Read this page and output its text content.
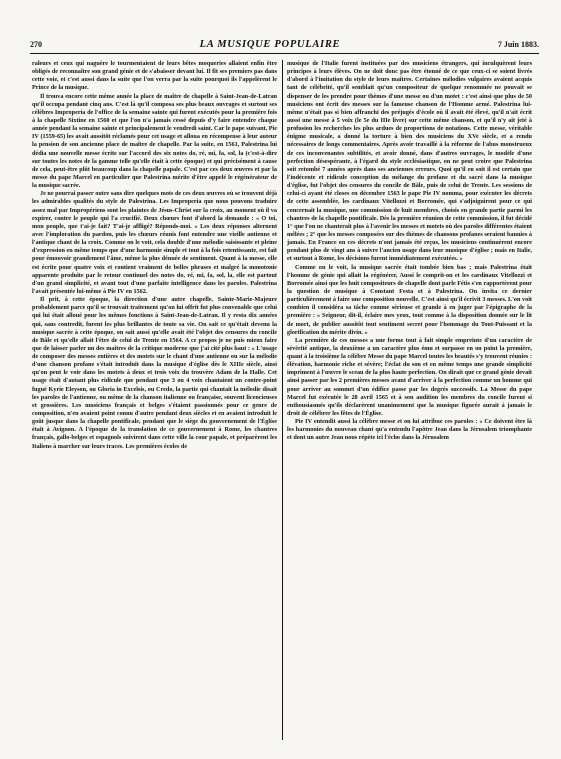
270	LA MUSIQUE POPULAIRE	7 Juin 1883.

raleurs et ceux qui naguère le tourmentaient de leurs bêtes moqueries allaient enfin être obligés de reconnaître son grand génie et de s'abaisser devant lui. Il fit ses premiers pas dans cette voie, et c'est aussi dans la suite que l'on verra par la suite pourquoi ils l'appelèrent le Prince de la musique.

Il trouva encore cette même année la place de maître de chapelle à Saint-Jean-de-Latran qu'il occupa pendant cinq ans. C'est là qu'il composa ses plus beaux ouvrages et surtout ses célèbres Improperia de l'office de la semaine sainte qui furent exécutés pour la première fois à la chapelle Sixtine en 1560 et que l'on n'a jamais cessé depuis d'y faire entendre chaque année pendant la semaine sainte et principalement le vendredi saint. Car le pape suivant, Pie IV (1559-65) les avait aussitôt réclamés pour cet usage et alloua en récompense à leur auteur la pension de son ancienne place de maître de chapelle. Par la suite, en 1561, Palestrina lui dédia une nouvelle messe écrite sur l'accord des six notes do, ré, mi, fa, sol, la (c'est-à-dire sur toutes les notes de la gamme telle qu'elle était à cette époque) et qui précisément à cause de cela, peut-être plût beaucoup dans la chapelle papale. C'est par ces deux œuvres et par la messe du pape Marcel en particulier que Palestrina mérite d'être appelé le régénérateur de la musique sacrée.

Je ne pourrai passer outre sans dire quelques mots de ces deux œuvres où se trouvent déjà les admirables qualités du style de Palestrina. Les Improperia que nous pouvons traduire assez mal par Impropériens sont les plaintes de Jésus-Christ sur la croix, au moment où il va expirer, contre le peuple qui l'a crucifié. Deux chœurs font d'abord la demande : « O toi, mon peuple, que t'ai-je fait? T'ai-je affligé? Réponds-moi. » Les deux réponses alternent avec l'imploration du pardon, puis les chœurs réunis font entendre une vieille antienne et l'antique chant de la croix. Comme on le voit, cela double d'une mélodie saisissante et pleine d'expression en même temps que d'une harmonie simple et tout à la fois retentissante, est fait pour émouvoir grandement l'âme, même la plus dénuée de sentiment. Quant à la messe, elle est écrite pour quatre voix et contient vraiment de belles phrases et malgré la monotonie apparente produite par le retour continuel des notes do, ré, mi, fa, sol, la, elle est partout d'un grand simplicité, et avant tout d'une parfaite intelligence dans les paroles. Palestrina l'avait présentée lui-même à Pie IV en 1562.

Il prit, à cette époque, la direction d'une autre chapelle, Sainte-Marie-Majeure probablement parce qu'il se trouvait traitement qu'on lui offrit fut plus convenable que celui qui lui était alloué pour les mêmes fonctions à Saint-Jean-de-Latran. Il y resta dix années qui, sans contredit, furent les plus brillantes de toute sa vie. On sait ce qu'était devenu la musique sacrée à cette époque, on sait aussi qu'elle avait été l'objet des censures du concile de Bâle et qu'elle allait l'être de celui de Trente en 1564. A ce propos je ne puis mieux faire que de laisser parler un des maîtres de la critique moderne que j'ai cité plus haut : « L'usage de composer des messes entières et des motets sur le chant d'une antienne ou sur la mélodie d'une chanson profane s'était introduit dans la musique d'église dès le XIIIe siècle, ainsi qu'on peut le voir dans les motets à deux et trois voix du trouvère Adam de la Halle. Cet usage était d'autant plus ridicule que pendant que 3 ou 4 voix chantaient un contre-point fugué Kyrie Eleyson, ou Gloria in Excelsis, ou Credo, la partie qui chantait la mélodie disait les paroles de l'antienne, ou même de la chanson italienne ou française, souvent licencieuses et grossières. Les musiciens français et belges s'étaient passionnés pour ce genre de composition, n'en avaient point connu d'autre pendant deux siècles et en avaient introduit le goût jusque dans la chapelle pontificale, pendant que le siège du gouvernement de l'Église était à Avignon. A l'époque de la translation de ce gouvernement à Rome, les chantres français, gallo-belges et espagnols suivirent dans cette ville la cour papale, et préparèrent les Italiens à marcher sur leurs traces. Les premières écoles de

musique de l'Italie furent instituées par des musiciens étrangers, qui inculquèrent leurs principes à leurs élèves. On ne doit donc pas être étonné de ce que ceux-ci se soient livrés d'abord à l'imitation du style de leurs maîtres. Certaines mélodies vulgaires avaient acquis tant de célébrité, qu'il semblait qu'un compositeur de quelque renommée ne pouvait se dispenser de les prendre pour thèmes d'une messe ou d'un motet : c'est ainsi que plus de 50 musiciens ont écrit des messes sur la fameuse chanson de l'Homme armé. Palestrina lui-même n'était pas si bien affranchi des préjugés d'école où il avait été élevé, qu'il n'ait écrit aussi une messe à 5 voix (le 5e du IIIe livre) sur cette même chanson, et qu'il n'y ait jeté à profusion les recherches les plus ardues de proportions de notations. Cette messe, véritable énigme musicale, a donné la torture à bien des musiciens du XVe siècle, et a rendu nécessaires de longs commentaires. Après avoir travaillé à la réforme de l'abus monstrueux de ces inconvenantes subtilités, et avoir donné, dans d'autres ouvrages, le modèle d'une perfection désespérante, à l'égard du style ecclésiastique, on ne peut croire que Palestrina soit retombé 7 années après dans ses anciennes erreurs. Quoi qu'il en soit il est certain que l'indécente et ridicule conception du mélange du profane et du sacré dans la musique d'église, fut l'objet des censures du concile de Bâle, puis de celui de Trente. Les sessions de celui-ci ayant été closes en décembre 1563 le pape Pie IV nomma, pour exécuter les décrets de cette assemblée, les cardinaux Vitellozzi et Borromée, qui s'adjoignirent pour ce qui concernait la musique, une commission de huit membres, choisis en grande partie parmi les chantres de la chapelle pontificale. Dès la première réunion de cette commission, il fut décidé 1° que l'on ne chanterait plus à l'avenir les messes et motets où des paroles différentes étaient mêlées ; 2° que les messes composées sur des thèmes de chansons profanes seraient bannies à jamais. En France on ces décrets n'ont jamais été reçus, les musiciens continuèrent encore pendant plus de vingt ans à suivre l'ancien usage dans leur musique d'église ; mais en Italie, et surtout à Rome, les décisions furent immédiatement exécutées. »

Comme on le voit, la musique sacrée était tombée bien bas ; mais Palestrina était l'homme de génie qui allait la régénérer, Aussi le comprit-on et les cardinaux Vitellozzi et Borromée ainsi que les huit compositeurs de chapelle dont parle Fétis s'en rapportèrent pour la question de musique à Constant Festa et à Palestrina. On invita ce dernier particulièrement à faire une composition nouvelle. C'est ainsi qu'il écrivit 3 messes. L'on voit combien il considéra sa tâche comme sérieuse et grande à en juger par l'épigraphe de la première : « Seigneur, dit-il, éclaire mes yeux, tout comme à la disposition donnée sur le lit de mort, de publier aussitôt tout sentiment secret pour l'hommage du Tout-Puissant et la glorification du mérite divin. »

La première de ces messes a une forme tout à fait simple empreinte d'un caractère de sévérité antique, la deuxième a un caractère plus ému et surpasse en on point la première, quant à la troisième la célèbre Messe du pape Marcel toutes les beautés s'y trouvent réunies : élévation, harmonie riche et sévère; l'éclat du son et en même temps une grande simplicité impriment à l'œuvre le sceau de la plus haute perfection. On dirait que ce grand génie devait ainsi passer par les 2 premières messes avant d'arriver à la perfection comme un homme qui pour arriver au sommet d'un édifice passe par les degrés successifs. La Messe du pape Marcel fut exécutée le 28 avril 1565 et à son audition les membres du concile furent si enthousiasmés qu'ils déclarèrent unanimement que la musique figurée aurait à jamais le droit de célébrer les fêtes de l'Église.

Pie IV entendit aussi la célèbre messe et on lui attribue ces paroles : « Ce doivent être là les harmonies du nouveau chant qu'a entendu l'apôtre Jean dans la Jérusalem triomphante et dont un autre Jean nous répète ici l'écho dans la Jérusalem
